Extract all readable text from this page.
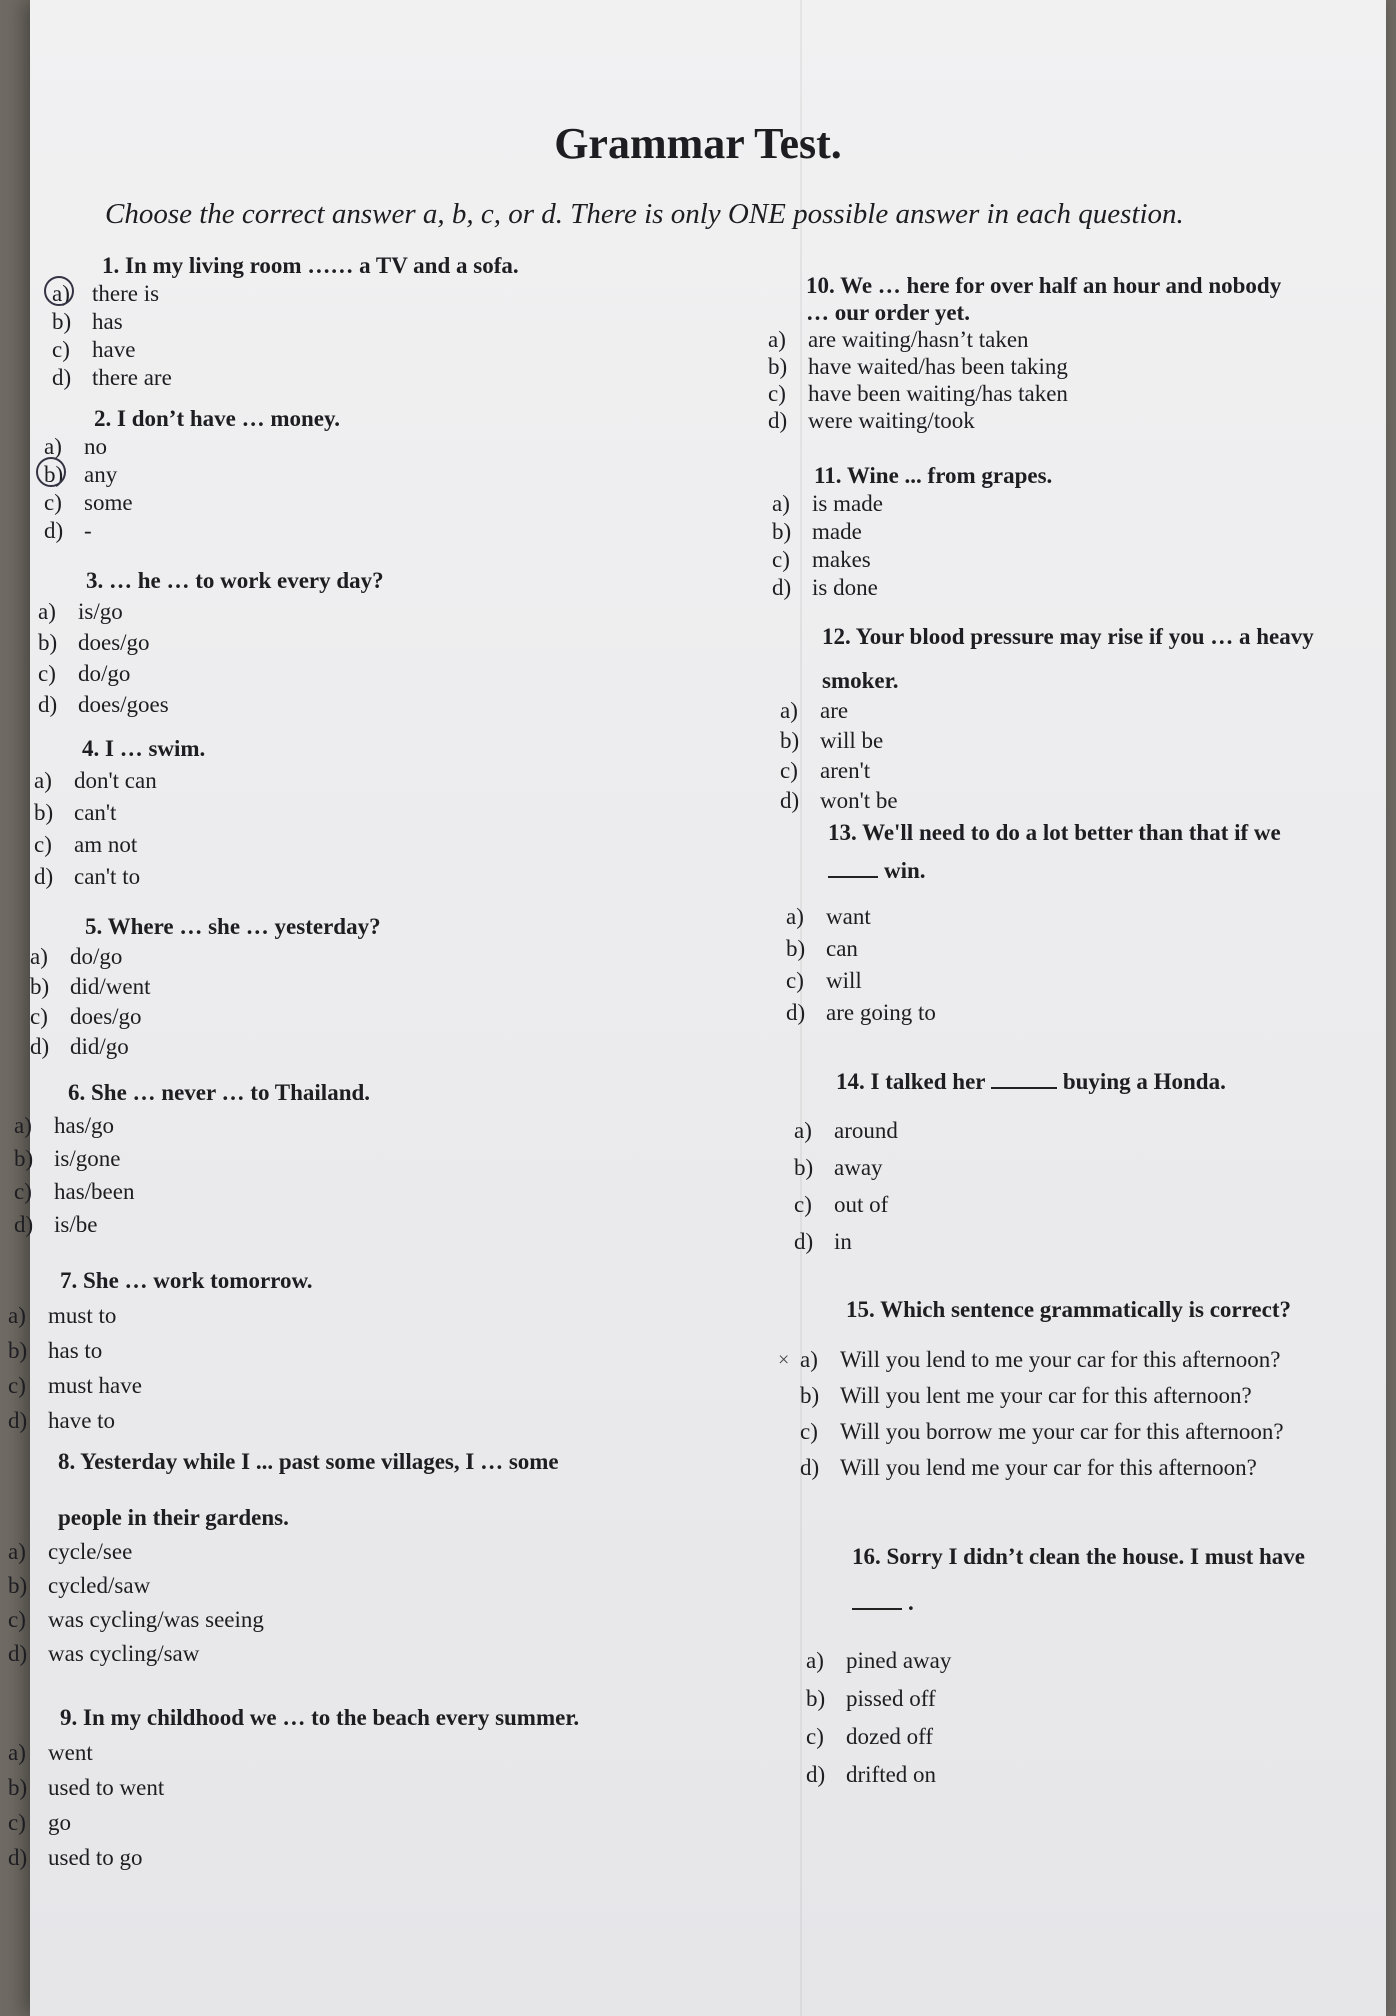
Grammar Test.
Choose the correct answer a, b, c, or d. There is only ONE possible answer in each question.
1. In my living room …… a TV and a sofa.
a) there is
b) has
c) have
d) there are
2. I don’t have … money.
a) no
b) any
c) some
d) -
3. … he … to work every day?
a) is/go
b) does/go
c) do/go
d) does/goes
4. I … swim.
a) don't can
b) can't
c) am not
d) can't to
5. Where … she … yesterday?
a) do/go
b) did/went
c) does/go
d) did/go
6. She … never … to Thailand.
a) has/go
b) is/gone
c) has/been
d) is/be
7. She … work tomorrow.
a) must to
b) has to
c) must have
d) have to
8. Yesterday while I ... past some villages, I … some
people in their gardens.
a) cycle/see
b) cycled/saw
c) was cycling/was seeing
d) was cycling/saw
9. In my childhood we … to the beach every summer.
a) went
b) used to went
c) go
d) used to go
10. We … here for over half an hour and nobody
… our order yet.
a) are waiting/hasn’t taken
b) have waited/has been taking
c) have been waiting/has taken
d) were waiting/took
11. Wine ... from grapes.
a) is made
b) made
c) makes
d) is done
12. Your blood pressure may rise if you … a heavy
smoker.
a) are
b) will be
c) aren't
d) won't be
13. We'll need to do a lot better than that if we
win.
a) want
b) can
c) will
d) are going to
14. I talked her	buying a Honda.
a) around
b) away
c) out of
d) in
15. Which sentence grammatically is correct?
× a) Will you lend to me your car for this afternoon?
b) Will you lent me your car for this afternoon?
c) Will you borrow me your car for this afternoon?
d) Will you lend me your car for this afternoon?
16. Sorry I didn’t clean the house. I must have
.
a) pined away
b) pissed off
c) dozed off
d) drifted on
